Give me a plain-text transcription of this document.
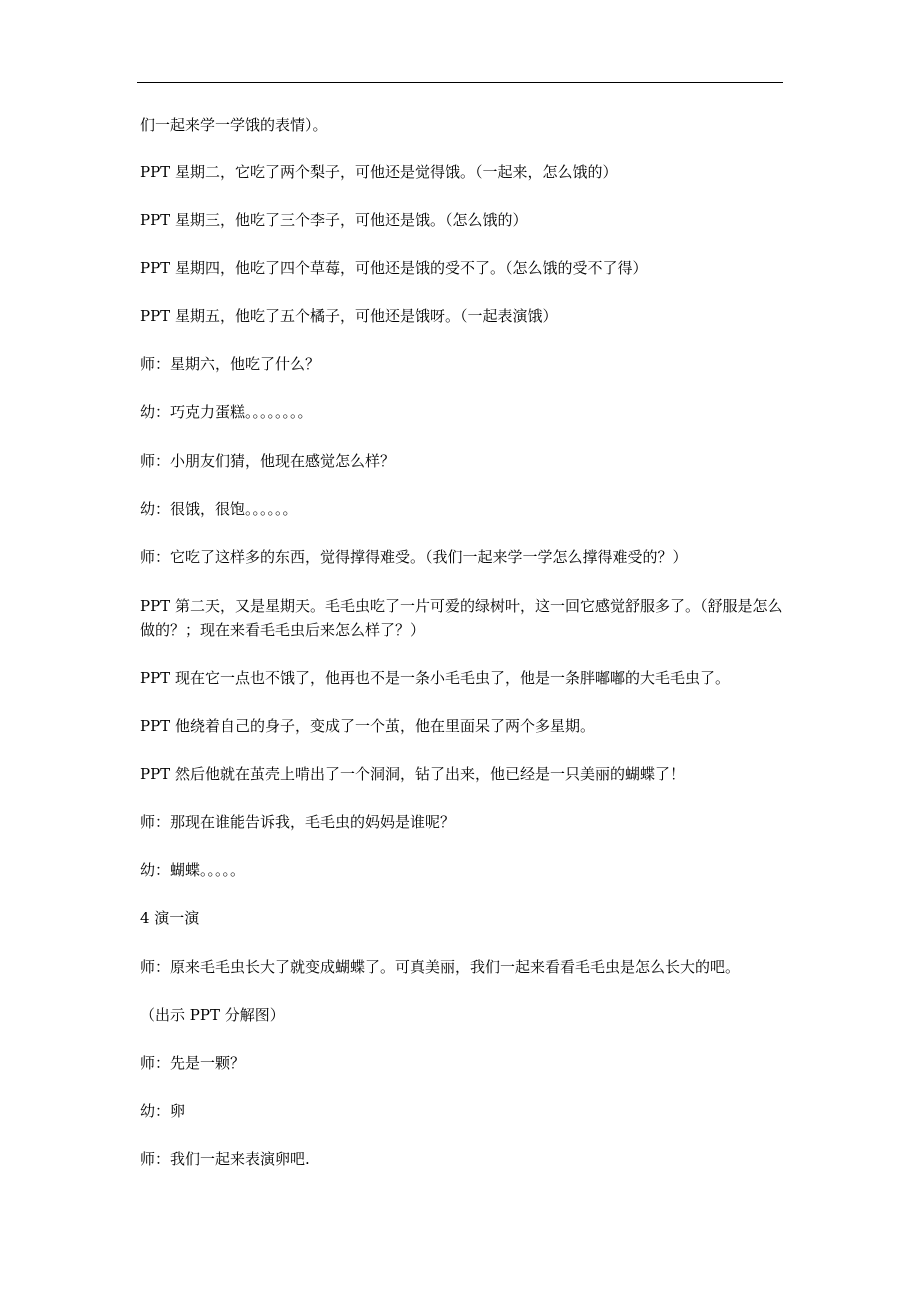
们一起来学一学饿的表情）。
PPT 星期二，它吃了两个梨子，可他还是觉得饿。（一起来，怎么饿的）
PPT 星期三，他吃了三个李子，可他还是饿。（怎么饿的）
PPT 星期四，他吃了四个草莓，可他还是饿的受不了。（怎么饿的受不了得）
PPT 星期五，他吃了五个橘子，可他还是饿呀。（一起表演饿）
师：星期六，他吃了什么？
幼：巧克力蛋糕。。。。。。。。
师：小朋友们猜，他现在感觉怎么样？
幼：很饿，很饱。。。。。。
师：它吃了这样多的东西，觉得撑得难受。（我们一起来学一学怎么撑得难受的？）
PPT 第二天，又是星期天。毛毛虫吃了一片可爱的绿树叶，这一回它感觉舒服多了。（舒服是怎么做的？；现在来看毛毛虫后来怎么样了？）
PPT 现在它一点也不饿了，他再也不是一条小毛毛虫了，他是一条胖嘟嘟的大毛毛虫了。
PPT 他绕着自己的身子，变成了一个茧，他在里面呆了两个多星期。
PPT 然后他就在茧壳上啃出了一个洞洞，钻了出来，他已经是一只美丽的蝴蝶了！
师：那现在谁能告诉我，毛毛虫的妈妈是谁呢？
幼：蝴蝶。。。。。
4 演一演
师：原来毛毛虫长大了就变成蝴蝶了。可真美丽，我们一起来看看毛毛虫是怎么长大的吧。
（出示 PPT 分解图）
师：先是一颗？
幼：卵
师：我们一起来表演卵吧.
